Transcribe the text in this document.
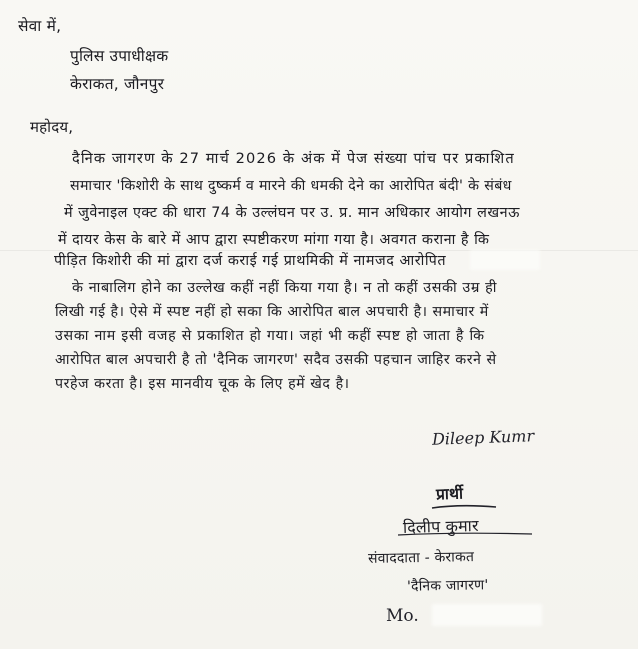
सेवा में,
पुलिस उपाधीक्षक
केराकत, जौनपुर
महोदय,
दैनिक जागरण के 27 मार्च 2026 के अंक में पेज संख्या पांच पर प्रकाशित
समाचार 'किशोरी के साथ दुष्कर्म व मारने की धमकी देने का आरोपित बंदी' के संबंध
में जुवेनाइल एक्ट की धारा 74 के उल्लंघन पर उ. प्र. मान अधिकार आयोग लखनऊ
में दायर केस के बारे में आप द्वारा स्पष्टीकरण मांगा गया है। अवगत कराना है कि
पीड़ित किशोरी की मां द्वारा दर्ज कराई गई प्राथमिकी में नामजद आरोपित
के नाबालिग होने का उल्लेख कहीं नहीं किया गया है। न तो कहीं उसकी उम्र ही
लिखी गई है। ऐसे में स्पष्ट नहीं हो सका कि आरोपित बाल अपचारी है। समाचार में
उसका नाम इसी वजह से प्रकाशित हो गया। जहां भी कहीं स्पष्ट हो जाता है कि
आरोपित बाल अपचारी है तो 'दैनिक जागरण' सदैव उसकी पहचान जाहिर करने से
परहेज करता है। इस मानवीय चूक के लिए हमें खेद है।
Dileep Kumr
प्रार्थी
दिलीप कुमार
संवाददाता - केराकत
'दैनिक जागरण'
Mo.
